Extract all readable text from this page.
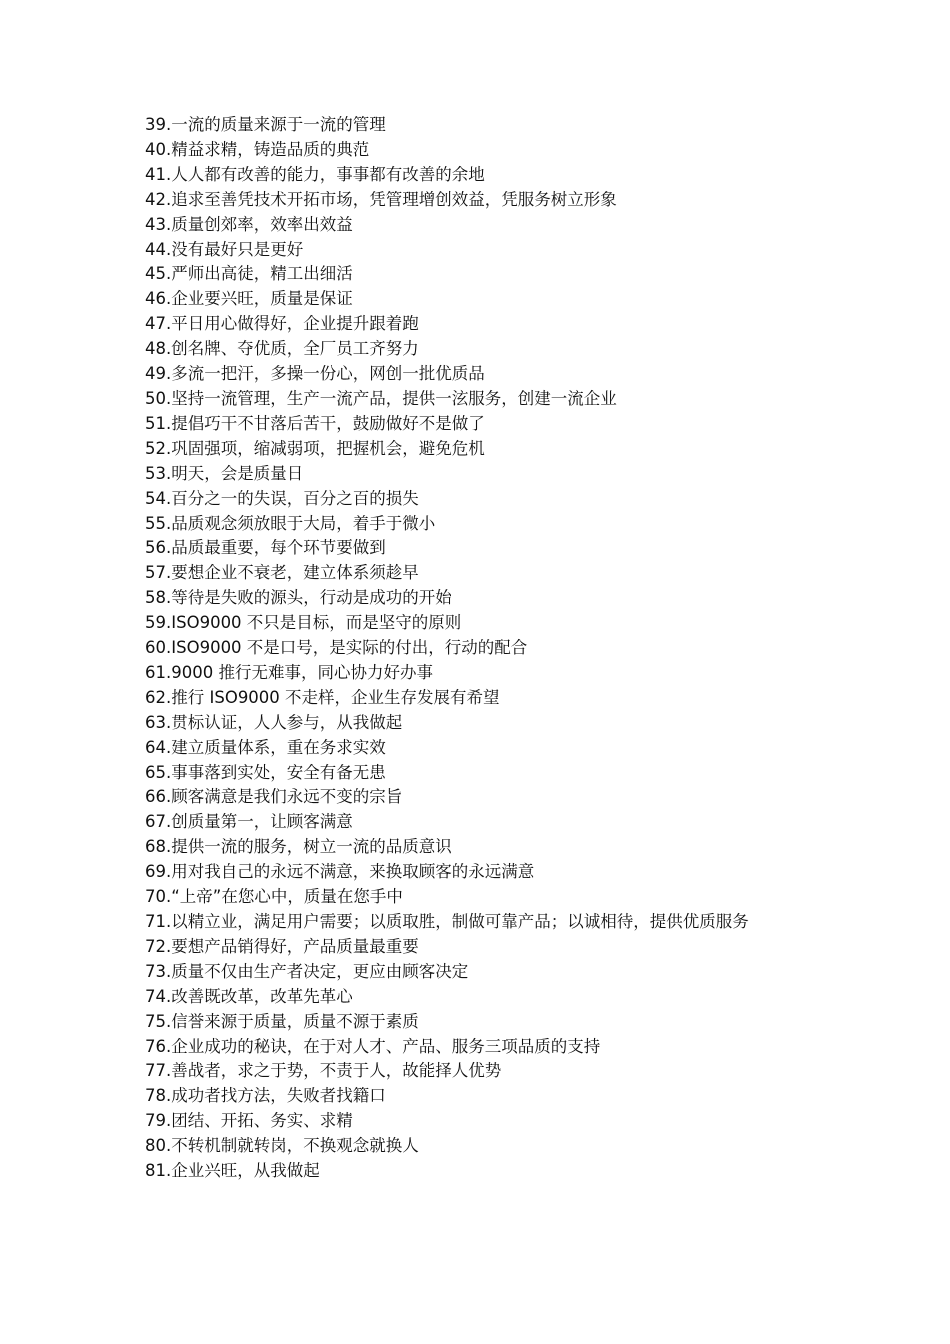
39.一流的质量来源于一流的管理
40.精益求精，铸造品质的典范
41.人人都有改善的能力，事事都有改善的余地
42.追求至善凭技术开拓市场，凭管理增创效益，凭服务树立形象
43.质量创郊率，效率出效益
44.没有最好只是更好
45.严师出高徒，精工出细活
46.企业要兴旺，质量是保证
47.平日用心做得好，企业提升跟着跑
48.创名牌、夺优质，全厂员工齐努力
49.多流一把汗，多操一份心，网创一批优质品
50.坚持一流管理，生产一流产品，提供一泫服务，创建一流企业
51.提倡巧干不甘落后苦干，鼓励做好不是做了
52.巩固强项，缩减弱项，把握机会，避免危机
53.明天，会是质量日
54.百分之一的失误，百分之百的损失
55.品质观念须放眼于大局，着手于微小
56.品质最重要，每个环节要做到
57.要想企业不衰老，建立体系须趁早
58.等待是失败的源头，行动是成功的开始
59.ISO9000 不只是目标，而是坚守的原则
60.ISO9000 不是口号，是实际的付出，行动的配合
61.9000 推行无难事，同心协力好办事
62.推行 ISO9000 不走样，企业生存发展有希望
63.贯标认证，人人参与，从我做起
64.建立质量体系，重在务求实效
65.事事落到实处，安全有备无患
66.顾客满意是我们永远不变的宗旨
67.创质量第一，让顾客满意
68.提供一流的服务，树立一流的品质意识
69.用对我自己的永远不满意，来换取顾客的永远满意
70.“上帝”在您心中，质量在您手中
71.以精立业，满足用户需要；以质取胜，制做可靠产品；以诚相待，提供优质服务
72.要想产品销得好，产品质量最重要
73.质量不仅由生产者决定，更应由顾客决定
74.改善既改革，改革先革心
75.信誉来源于质量，质量不源于素质
76.企业成功的秘诀，在于对人才、产品、服务三项品质的支持
77.善战者，求之于势，不责于人，故能择人优势
78.成功者找方法，失败者找籍口
79.团结、开拓、务实、求精
80.不转机制就转岗，不换观念就换人
81.企业兴旺，从我做起
